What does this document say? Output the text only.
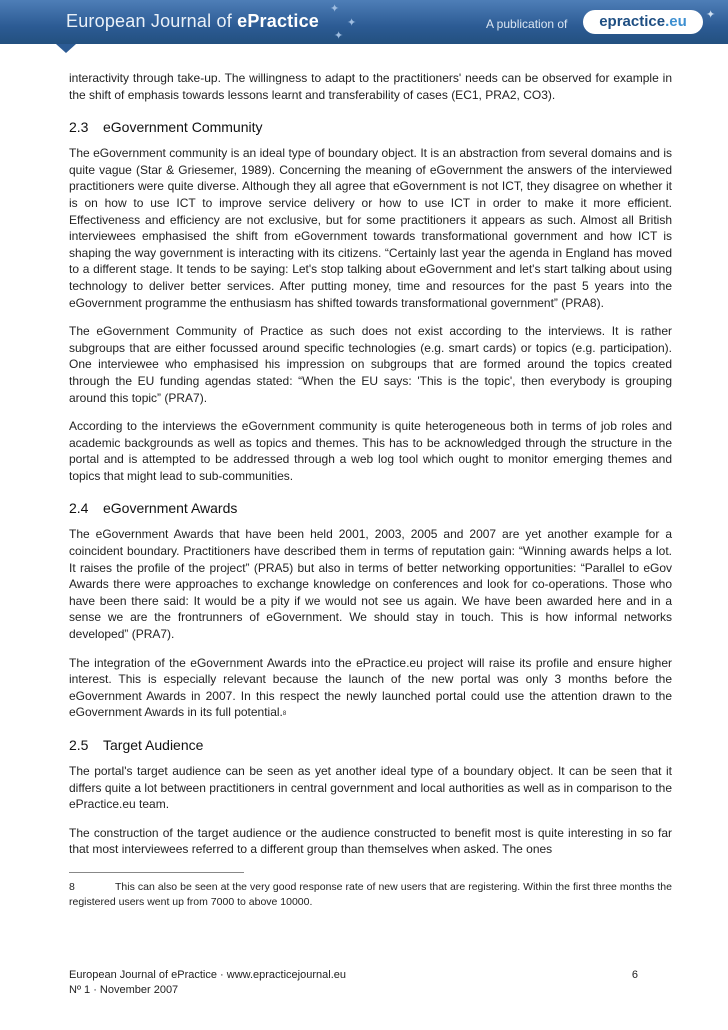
European Journal of ePractice
✦
✦
✦
A publication of	epractice.eu	✦

interactivity through take-up. The willingness to adapt to the practitioners' needs can be observed for example in the shift of emphasis towards lessons learnt and transferability of cases (EC1, PRA2, CO3).

2.3 eGovernment Community

The eGovernment community is an ideal type of boundary object. It is an abstraction from several domains and is quite vague (Star & Griesemer, 1989). Concerning the meaning of eGovernment the answers of the interviewed practitioners were quite diverse. Although they all agree that eGovernment is not ICT, they disagree on whether it is on how to use ICT to improve service delivery or how to use ICT in order to make it more efficient. Effectiveness and efficiency are not exclusive, but for some practitioners it appears as such. Almost all British interviewees emphasised the shift from eGovernment towards transformational government and how ICT is shaping the way government is interacting with its citizens. “Certainly last year the agenda in England has moved to a different stage. It tends to be saying: Let's stop talking about eGovernment and let's start talking about using technology to deliver better services. After putting money, time and resources for the past 5 years into the eGovernment programme the enthusiasm has shifted towards transformational government” (PRA8).

The eGovernment Community of Practice as such does not exist according to the interviews. It is rather subgroups that are either focussed around specific technologies (e.g. smart cards) or topics (e.g. participation). One interviewee who emphasised his impression on subgroups that are formed around the topics created through the EU funding agendas stated: “When the EU says: 'This is the topic', then everybody is grouping around this topic” (PRA7).

According to the interviews the eGovernment community is quite heterogeneous both in terms of job roles and academic backgrounds as well as topics and themes. This has to be acknowledged through the structure in the portal and is attempted to be addressed through a web log tool which ought to monitor emerging themes and topics that might lead to sub-communities.

2.4 eGovernment Awards

The eGovernment Awards that have been held 2001, 2003, 2005 and 2007 are yet another example for a coincident boundary. Practitioners have described them in terms of reputation gain: “Winning awards helps a lot. It raises the profile of the project” (PRA5) but also in terms of better networking opportunities: “Parallel to eGov Awards there were approaches to exchange knowledge on conferences and look for co-operations. Those who have been there said: It would be a pity if we would not see us again. We have been awarded here and in a sense we are the frontrunners of eGovernment. We should stay in touch. This is how informal networks developed” (PRA7).

The integration of the eGovernment Awards into the ePractice.eu project will raise its profile and ensure higher interest. This is especially relevant because the launch of the new portal was only 3 months before the eGovernment Awards in 2007. In this respect the newly launched portal could use the attention drawn to the eGovernment Awards in its full potential.$^8$

2.5 Target Audience

The portal's target audience can be seen as yet another ideal type of a boundary object. It can be seen that it differs quite a lot between practitioners in central government and local authorities as well as in comparison to the ePractice.eu team.

The construction of the target audience or the audience constructed to benefit most is quite interesting in so far that most interviewees referred to a different group than themselves when asked. The ones

8	This can also be seen at the very good response rate of new users that are registering. Within the first three months the registered users went up from 7000 to above 10000.

European Journal of ePractice · www.epracticejournal.eu
Nº 1 · November 2007
6
